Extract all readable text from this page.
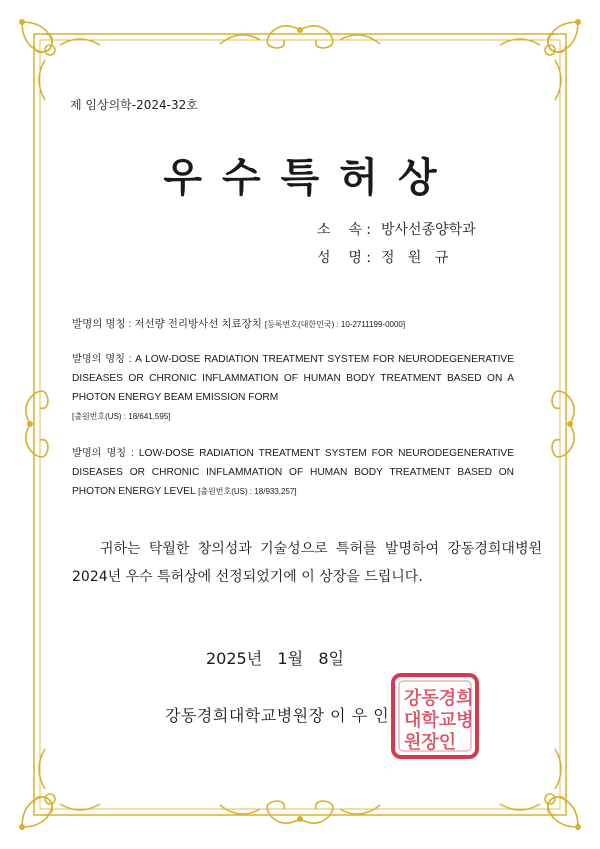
제 임상의학-2024-32호
우수특허상
소    속 : 방사선종양학과
성    명 : 정   원   규
발명의 명칭 : 저선량 전리방사선 치료장치 [등록번호(대한민국) : 10-2711199-0000]
발명의 명칭 : A LOW-DOSE RADIATION TREATMENT SYSTEM FOR NEURODEGENERATIVE DISEASES OR CHRONIC INFLAMMATION OF HUMAN BODY TREATMENT BASED ON A PHOTON ENERGY BEAM EMISSION FORM
[출원번호(US) : 18/641,595]
발명의 명칭 : LOW-DOSE RADIATION TREATMENT SYSTEM FOR NEURODEGENERATIVE DISEASES OR CHRONIC INFLAMMATION OF HUMAN BODY TREATMENT BASED ON PHOTON ENERGY LEVEL [출원번호(US) : 18/933,257]
귀하는 탁월한 창의성과 기술성으로 특허를 발명하여 강동경희대병원 2024년 우수 특허상에 선정되었기에 이 상장을 드립니다.
2025년   1월   8일
강동경희
대학교병
원장인
강동경희대학교병원장 이 우 인
